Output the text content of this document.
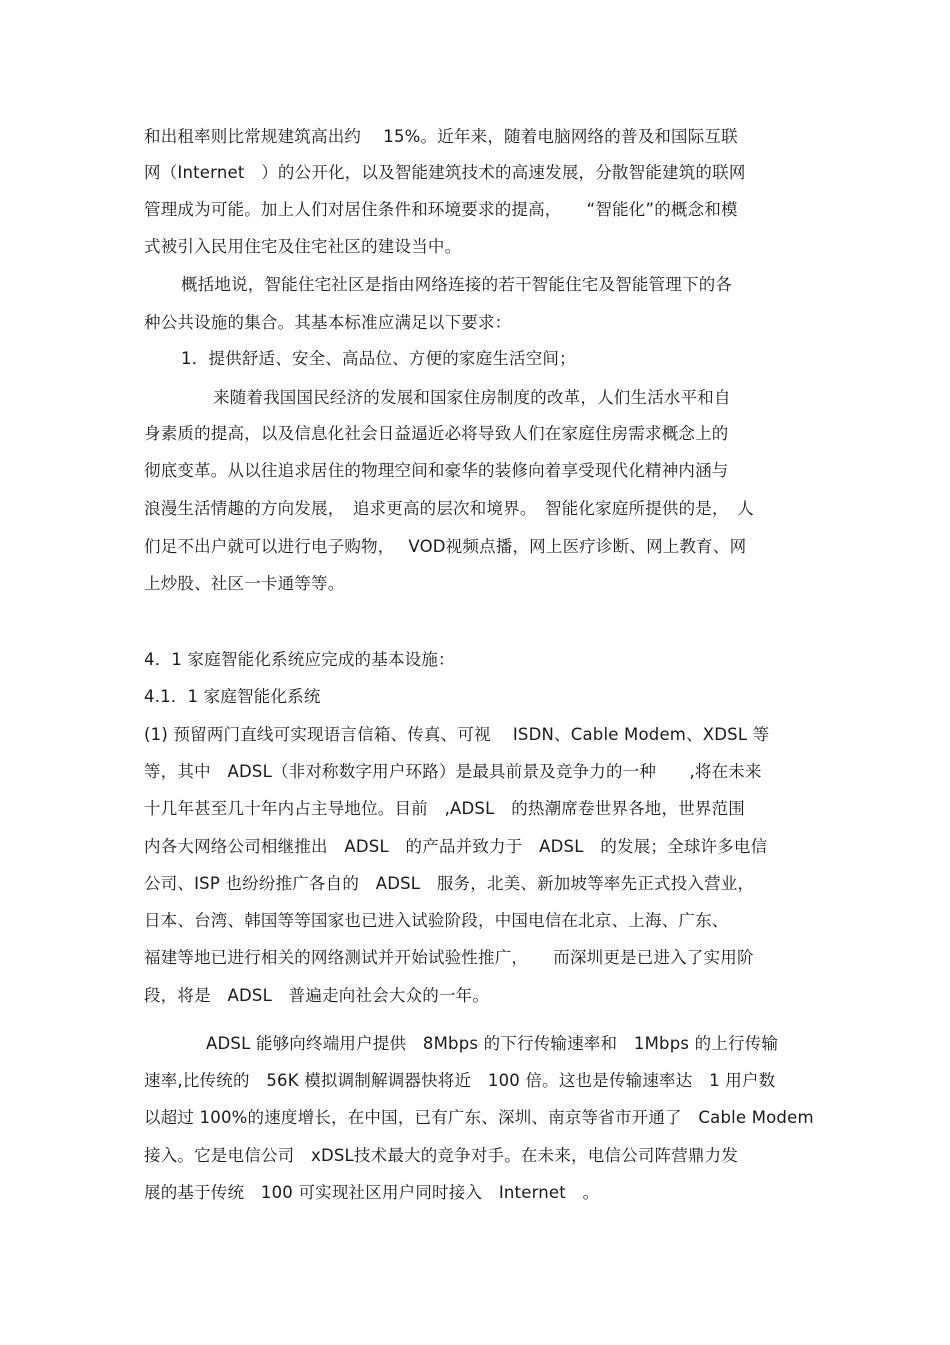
和出租率则比常规建筑高出约　 15%。近年来，随着电脑网络的普及和国际互联
网（Internet　）的公开化，以及智能建筑技术的高速发展，分散智能建筑的联网
管理成为可能。加上人们对居住条件和环境要求的提高，　　“智能化”的概念和模
式被引入民用住宅及住宅社区的建设当中。
概括地说，智能住宅社区是指由网络连接的若干智能住宅及智能管理下的各
种公共设施的集合。其基本标准应满足以下要求：
1．提供舒适、安全、高品位、方便的家庭生活空间；
来随着我国国民经济的发展和国家住房制度的改革，人们生活水平和自
身素质的提高，以及信息化社会日益逼近必将导致人们在家庭住房需求概念上的
彻底变革。从以往追求居住的物理空间和豪华的装修向着享受现代化精神内涵与
浪漫生活情趣的方向发展，　追求更高的层次和境界。　智能化家庭所提供的是，　人
们足不出户就可以进行电子购物，　 VOD视频点播，网上医疗诊断、网上教育、网
上炒股、社区一卡通等等。
4．1 家庭智能化系统应完成的基本设施：
4.1．1 家庭智能化系统
(1) 预留两门直线可实现语言信箱、传真、可视　 ISDN、Cable Modem、XDSL 等
等，其中　ADSL（非对称数字用户环路）是最具前景及竞争力的一种　　,将在未来
十几年甚至几十年内占主导地位。目前　,ADSL　的热潮席卷世界各地，世界范围
内各大网络公司相继推出　ADSL　的产品并致力于　ADSL　的发展；全球许多电信
公司、ISP 也纷纷推广各自的　ADSL　服务，北美、新加坡等率先正式投入营业，
日本、台湾、韩国等等国家也已进入试验阶段，中国电信在北京、上海、广东、
福建等地已进行相关的网络测试并开始试验性推广，　　而深圳更是已进入了实用阶
段，将是　ADSL　普遍走向社会大众的一年。
ADSL 能够向终端用户提供　8Mbps 的下行传输速率和　1Mbps 的上行传输
速率,比传统的　56K 模拟调制解调器快将近　100 倍。这也是传输速率达　1 用户数
以超过 100%的速度增长，在中国，已有广东、深圳、南京等省市开通了　Cable Modem
接入。它是电信公司　xDSL技术最大的竞争对手。在未来，电信公司阵营鼎力发
展的基于传统　100 可实现社区用户同时接入　Internet　。
